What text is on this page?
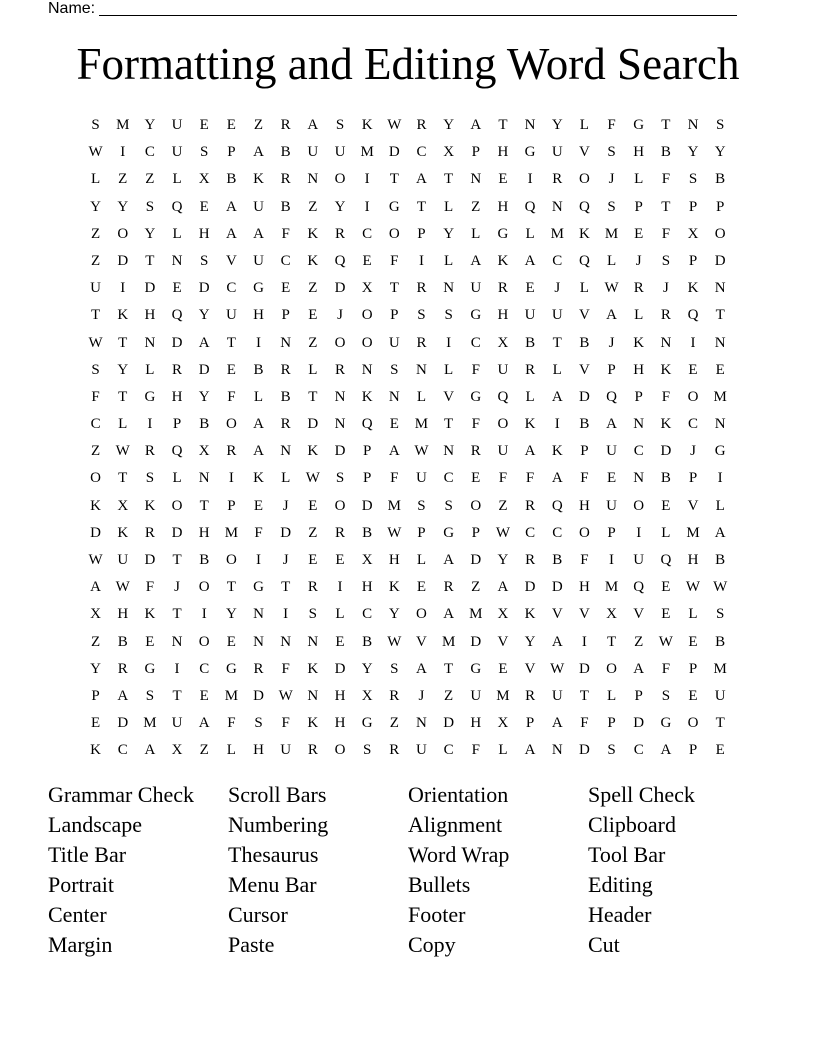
Name:
Formatting and Editing Word Search
S	M	Y	U	E	E	Z	R	A	S	K W	R	Y	A	T	N	Y	L	F	G	T	N	S
W	I	C	U	S	P	A	B	U	U	M	D	C	X	P	H	G	U	V	S	H	B	Y	Y
L	Z	Z	L	X	B	K	R	N	O	I	T	A	T	N	E	I	R	O	J	L	F	S	B
Y	Y	S	Q	E	A	U	B	Z	Y	I	G	T	L	Z	H	Q	N	Q	S	P	T	P	P
Z	O	Y	L	H	A	A	F	K	R	C	O	P	Y	L	G	L	M	K	M	E	F	X	O
Z	D	T	N	S	V	U	C	K	Q	E	F	I	L	A	K	A	C	Q	L	J	S	P	D
U	I	D	E	D	C	G	E	Z	D	X	T	R	N	U	R	E	J	L	W	R	J	K	N
T	K	H	Q	Y	U	H	P	E	J	O	P	S	S	G	H	U	U	V	A	L	R	Q	T
W	T	N	D	A	T	I	N	Z	O	O	U	R	I	C	X	B	T	B	J	K	N	I	N
S	Y	L	R	D	E	B	R	L	R	N	S	N	L	F	U	R	L	V	P	H	K	E	E
F	T	G	H	Y	F	L	B	T	N	K	N	L	V	G	Q	L	A	D	Q	P	F	O	M
C	L	I	P	B	O	A	R	D	N	Q	E	M	T	F	O	K	I	B	A	N	K	C	N
Z	W	R	Q	X	R	A	N	K	D	P	A W N	R	U	A	K	P	U	C	D	J	G
O	T	S	L	N	I	K	L	W	S	P	F	U	C	E	F	F	A	F	E	N	B	P	I
K	X	K	O	T	P	E	J	E	O	D	M	S	S	O	Z	R	Q	H	U	O	E	V	L
D	K	R	D	H	M	F	D	Z	R	B	W	P	G	P	W	C	C	O	P	I	L	M	A
W U	D	T	B	O	I	J	E	E	X	H	L	A	D	Y	R	B	F	I	U	Q	H	B
A W	F	J	O	T	G	T	R	I	H	K	E	R	Z	A	D	D	H	M	Q	E	W W
X	H	K	T	I	Y	N	I	S	L	C	Y	O	A	M	X	K	V	V	X	V	E	L	S
Z	B	E	N	O	E	N	N	N	E	B	W V	M	D	V	Y	A	I	T	Z	W	E	B
Y	R	G	I	C	G	R	F	K	D	Y	S	A	T	G	E	V W D	O	A	F	P	M
P	A	S	T	E	M	D W N	H	X	R	J	Z	U	M	R	U	T	L	P	S	E	U
E	D	M	U	A	F	S	F	K	H	G	Z	N	D	H	X	P	A	F	P	D	G	O	T
K	C	A	X	Z	L	H	U	R	O	S	R	U	C	F	L	A	N	D	S	C	A	P	E
Grammar Check	Scroll Bars	Orientation	Spell Check
Landscape	Numbering	Alignment	Clipboard
Title Bar	Thesaurus	Word Wrap	Tool Bar
Portrait	Menu Bar	Bullets	Editing
Center	Cursor	Footer	Header
Margin	Paste	Copy	Cut
